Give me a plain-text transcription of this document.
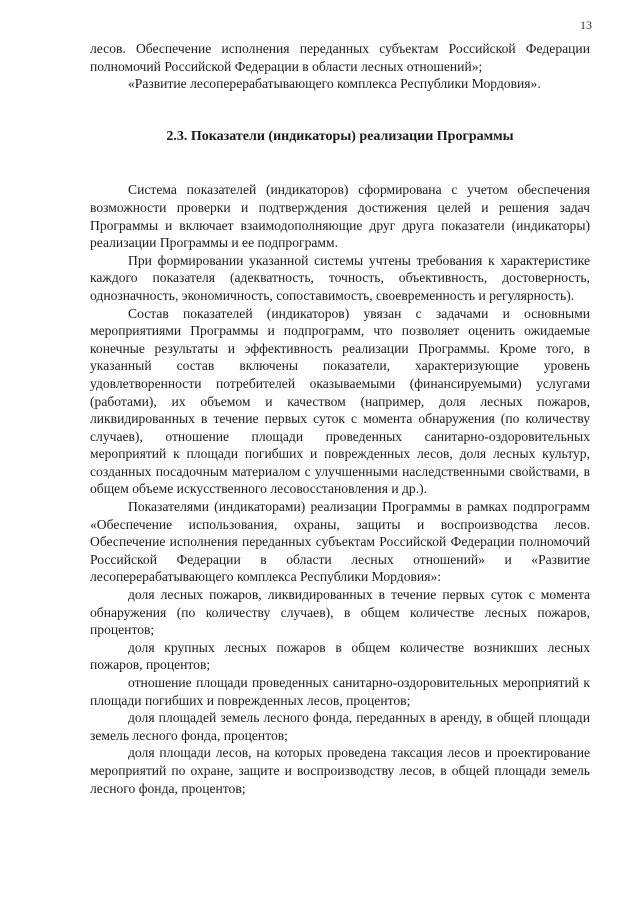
13

лесов. Обеспечение исполнения переданных субъектам Российской Федерации полномочий Российской Федерации в области лесных отношений»;

«Развитие лесоперерабатывающего комплекса Республики Мордовия».

2.3. Показатели (индикаторы) реализации Программы

Система показателей (индикаторов) сформирована с учетом обеспечения возможности проверки и подтверждения достижения целей и решения задач Программы и включает взаимодополняющие друг друга показатели (индикаторы) реализации Программы и ее подпрограмм.

При формировании указанной системы учтены требования к характеристике каждого показателя (адекватность, точность, объективность, достоверность, однозначность, экономичность, сопоставимость, своевременность и регулярность).

Состав показателей (индикаторов) увязан с задачами и основными мероприятиями Программы и подпрограмм, что позволяет оценить ожидаемые конечные результаты и эффективность реализации Программы. Кроме того, в указанный состав включены показатели, характеризующие уровень удовлетворенности потребителей оказываемыми (финансируемыми) услугами (работами), их объемом и качеством (например, доля лесных пожаров, ликвидированных в течение первых суток с момента обнаружения (по количеству случаев), отношение площади проведенных санитарно-оздоровительных мероприятий к площади погибших и поврежденных лесов, доля лесных культур, созданных посадочным материалом с улучшенными наследственными свойствами, в общем объеме искусственного лесовосстановления и др.).

Показателями (индикаторами) реализации Программы в рамках подпрограмм «Обеспечение использования, охраны, защиты и воспроизводства лесов. Обеспечение исполнения переданных субъектам Российской Федерации полномочий Российской Федерации в области лесных отношений» и «Развитие лесоперерабатывающего комплекса Республики Мордовия»:

доля лесных пожаров, ликвидированных в течение первых суток с момента обнаружения (по количеству случаев), в общем количестве лесных пожаров, процентов;

доля крупных лесных пожаров в общем количестве возникших лесных пожаров, процентов;

отношение площади проведенных санитарно-оздоровительных мероприятий к площади погибших и поврежденных лесов, процентов;

доля площадей земель лесного фонда, переданных в аренду, в общей площади земель лесного фонда, процентов;

доля площади лесов, на которых проведена таксация лесов и проектирование мероприятий по охране, защите и воспроизводству лесов, в общей площади земель лесного фонда, процентов;
